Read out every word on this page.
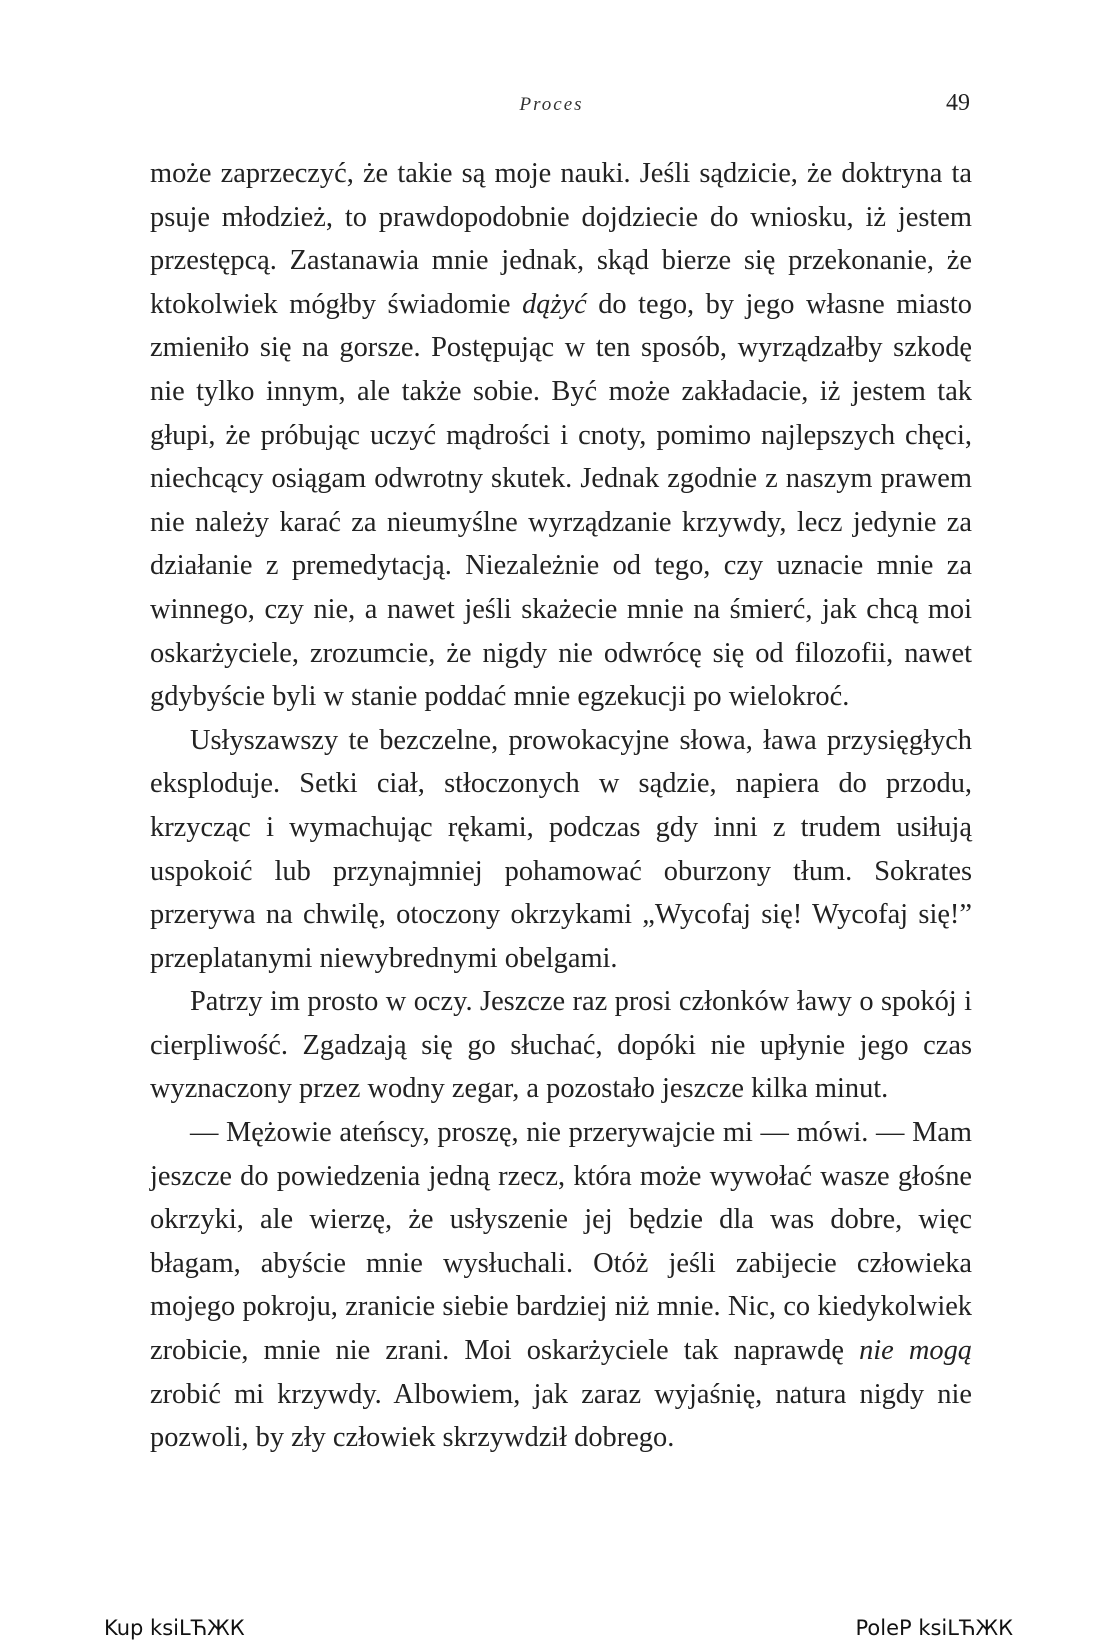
Proces	49

może zaprzeczyć, że takie są moje nauki. Jeśli sądzicie, że doktryna ta psuje młodzież, to prawdopodobnie dojdziecie do wniosku, iż jestem przestępcą. Zastanawia mnie jednak, skąd bierze się przekonanie, że ktokolwiek mógłby świadomie dążyć do tego, by jego własne miasto zmieniło się na gorsze. Postępując w ten sposób, wyrządzałby szkodę nie tylko innym, ale także sobie. Być może zakładacie, iż jestem tak głupi, że próbując uczyć mądrości i cnoty, pomimo najlepszych chęci, niechcący osiągam odwrotny skutek. Jednak zgodnie z naszym prawem nie należy karać za nieumyślne wyrządzanie krzywdy, lecz jedynie za działanie z premedytacją. Niezależnie od tego, czy uznacie mnie za winnego, czy nie, a nawet jeśli skażecie mnie na śmierć, jak chcą moi oskarżyciele, zrozumcie, że nigdy nie odwrócę się od filozofii, nawet gdybyście byli w stanie poddać mnie egzekucji po wielokroć.

Usłyszawszy te bezczelne, prowokacyjne słowa, ława przysięgłych eksploduje. Setki ciał, stłoczonych w sądzie, napiera do przodu, krzycząc i wymachując rękami, podczas gdy inni z trudem usiłują uspokoić lub przynajmniej pohamować oburzony tłum. Sokrates przerywa na chwilę, otoczony okrzykami „Wycofaj się! Wycofaj się!” przeplatanymi niewybrednymi obelgami.

Patrzy im prosto w oczy. Jeszcze raz prosi członków ławy o spokój i cierpliwość. Zgadzają się go słuchać, dopóki nie upłynie jego czas wyznaczony przez wodny zegar, a pozostało jeszcze kilka minut.

— Mężowie ateńscy, proszę, nie przerywajcie mi — mówi. — Mam jeszcze do powiedzenia jedną rzecz, która może wywołać wasze głośne okrzyki, ale wierzę, że usłyszenie jej będzie dla was dobre, więc błagam, abyście mnie wysłuchali. Otóż jeśli zabijecie człowieka mojego pokroju, zranicie siebie bardziej niż mnie. Nic, co kiedykolwiek zrobicie, mnie nie zrani. Moi oskarżyciele tak naprawdę nie mogą zrobić mi krzywdy. Albowiem, jak zaraz wyjaśnię, natura nigdy nie pozwoli, by zły człowiek skrzywdził dobrego.

Kup ksiLЋЖК	PoleP ksiLЋЖК
